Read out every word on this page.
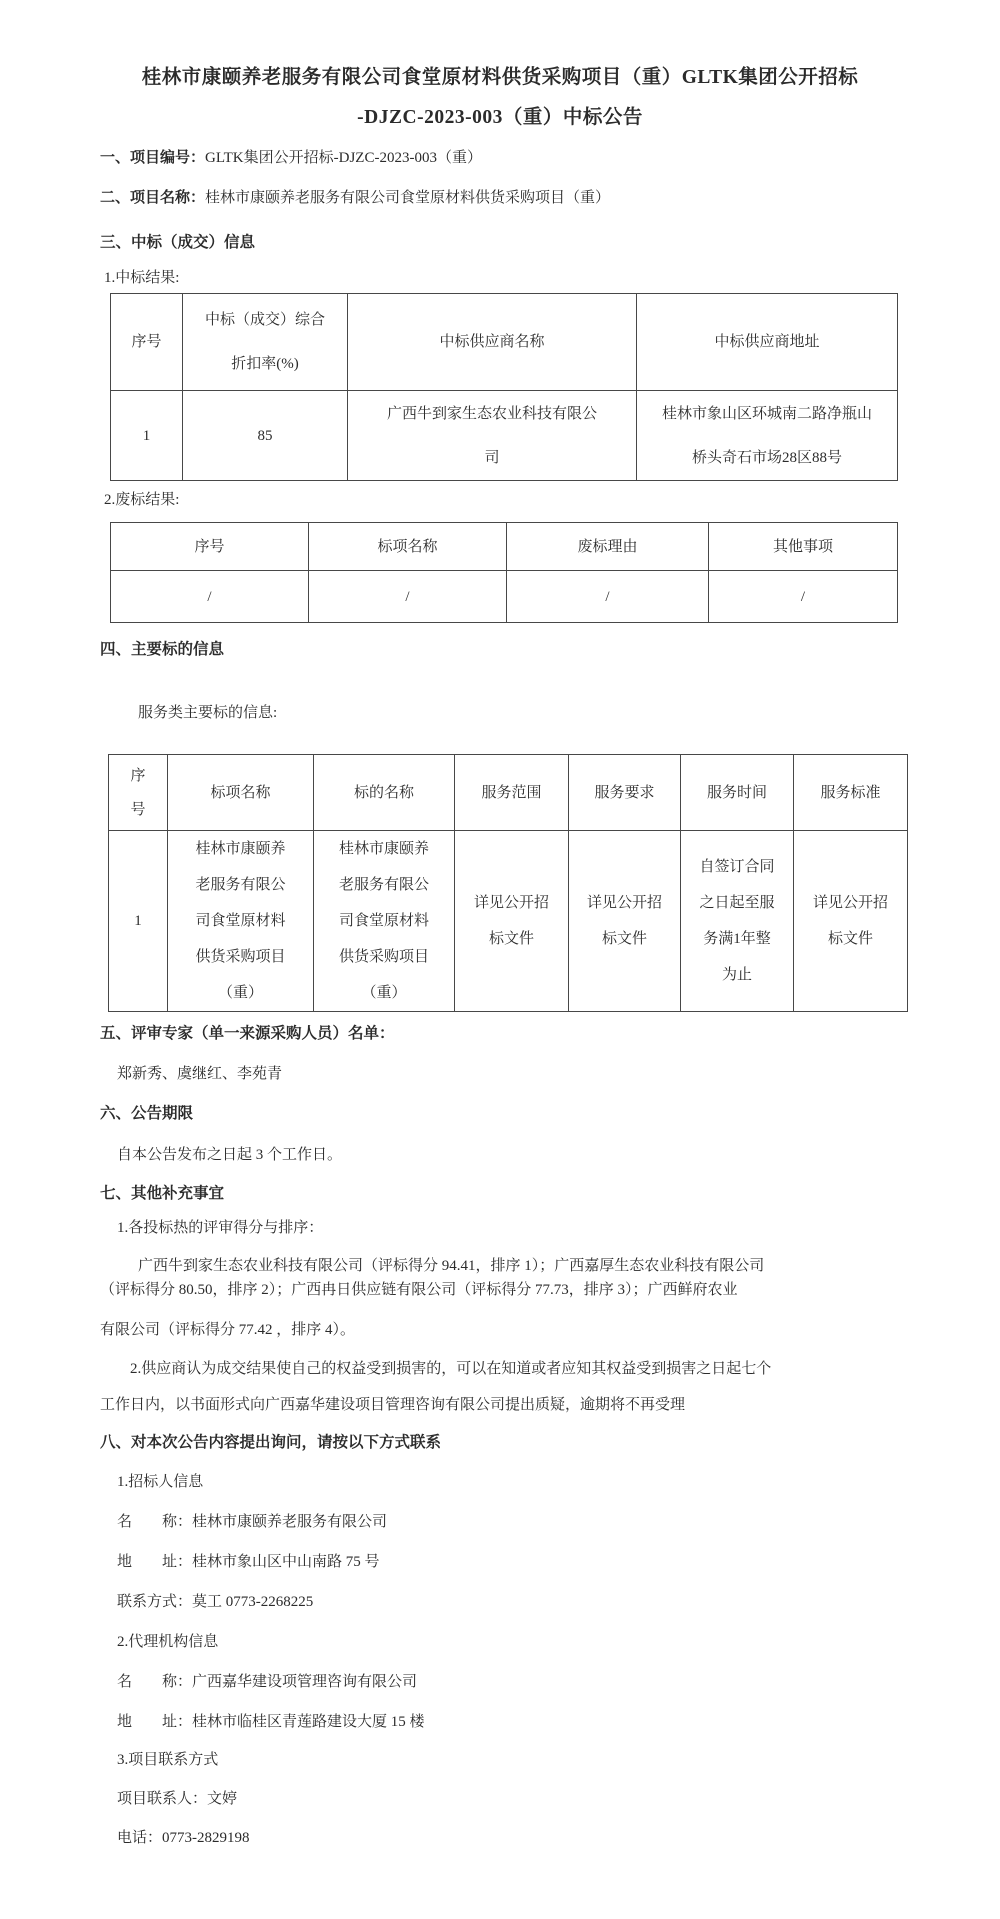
桂林市康颐养老服务有限公司食堂原材料供货采购项目（重）GLTK集团公开招标
-DJZC-2023-003（重）中标公告
一、项目编号：GLTK集团公开招标-DJZC-2023-003（重）
二、项目名称：桂林市康颐养老服务有限公司食堂原材料供货采购项目（重）
三、中标（成交）信息
1.中标结果:
序号	中标（成交）综合折扣率(%)	中标供应商名称	中标供应商地址
1	85	广西牛到家生态农业科技有限公司	桂林市象山区环城南二路净瓶山桥头奇石市场28区88号
2.废标结果:
序号	标项名称	废标理由	其他事项
/	/	/	/
四、主要标的信息
服务类主要标的信息:
序号	标项名称	标的名称	服务范围	服务要求	服务时间	服务标准
1	桂林市康颐养老服务有限公司食堂原材料供货采购项目（重）	桂林市康颐养老服务有限公司食堂原材料供货采购项目（重）	详见公开招标文件	详见公开招标文件	自签订合同之日起至服务满1年整为止	详见公开招标文件
五、评审专家（单一来源采购人员）名单：
郑新秀、虞继红、李苑青
六、公告期限
自本公告发布之日起 3 个工作日。
七、其他补充事宜
1.各投标热的评审得分与排序：
广西牛到家生态农业科技有限公司（评标得分 94.41，排序 1）；广西嘉厚生态农业科技有限公司
（评标得分 80.50，排序 2）；广西冉日供应链有限公司（评标得分 77.73，排序 3）；广西鲜府农业
有限公司（评标得分 77.42 ，排序 4）。
2.供应商认为成交结果使自己的权益受到损害的，可以在知道或者应知其权益受到损害之日起七个
工作日内，以书面形式向广西嘉华建设项目管理咨询有限公司提出质疑，逾期将不再受理
八、对本次公告内容提出询问，请按以下方式联系
1.招标人信息
名　　称：桂林市康颐养老服务有限公司
地　　址：桂林市象山区中山南路 75 号
联系方式：莫工 0773-2268225
2.代理机构信息
名　　称：广西嘉华建设项管理咨询有限公司
地　　址：桂林市临桂区青莲路建设大厦 15 楼
3.项目联系方式
项目联系人：文婷
电话：0773-2829198
